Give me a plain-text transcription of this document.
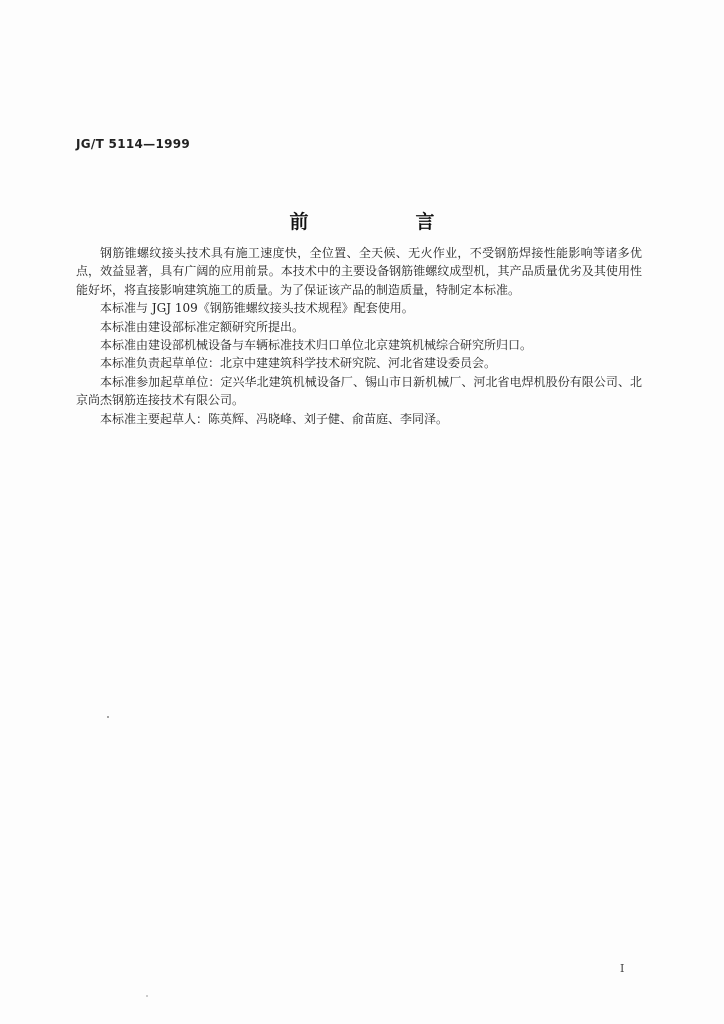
JG/T 5114—1999
前　言

钢筋锥螺纹接头技术具有施工速度快，全位置、全天候、无火作业，不受钢筋焊接性能影响等诸多优点，效益显著，具有广阔的应用前景。本技术中的主要设备钢筋锥螺纹成型机，其产品质量优劣及其使用性能好坏，将直接影响建筑施工的质量。为了保证该产品的制造质量，特制定本标准。

本标准与 JGJ 109《钢筋锥螺纹接头技术规程》配套使用。

本标准由建设部标准定额研究所提出。

本标准由建设部机械设备与车辆标准技术归口单位北京建筑机械综合研究所归口。

本标准负责起草单位：北京中建建筑科学技术研究院、河北省建设委员会。

本标准参加起草单位：定兴华北建筑机械设备厂、锡山市日新机械厂、河北省电焊机股份有限公司、北京尚杰钢筋连接技术有限公司。

本标准主要起草人：陈英辉、冯晓峰、刘子健、俞苗庭、李同泽。

I
